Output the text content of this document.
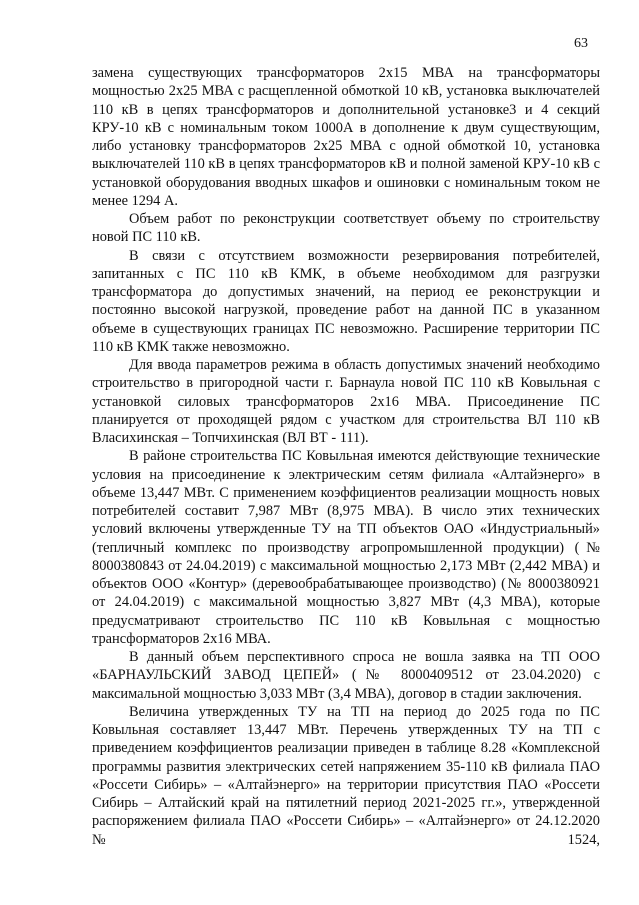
63

замена существующих трансформаторов 2х15 МВА на трансформаторы мощностью 2х25 МВА с расщепленной обмоткой 10 кВ, установка выключателей 110 кВ в цепях трансформаторов и дополнительной установке3 и 4 секций КРУ-10 кВ с номинальным током 1000А в дополнение к двум существующим, либо установку трансформаторов 2х25 МВА с одной обмоткой 10, установка выключателей 110 кВ в цепях трансформаторов кВ и полной заменой КРУ-10 кВ с установкой оборудования вводных шкафов и ошиновки с номинальным током не менее 1294 А.

Объем работ по реконструкции соответствует объему по строительству новой ПС 110 кВ.

В связи с отсутствием возможности резервирования потребителей, запитанных с ПС 110 кВ КМК, в объеме необходимом для разгрузки трансформатора до допустимых значений, на период ее реконструкции и постоянно высокой нагрузкой, проведение работ на данной ПС в указанном объеме в существующих границах ПС невозможно. Расширение территории ПС 110 кВ КМК также невозможно.

Для ввода параметров режима в область допустимых значений необходимо строительство в пригородной части г. Барнаула новой ПС 110 кВ Ковыльная с установкой силовых трансформаторов 2х16 МВА. Присоединение ПС планируется от проходящей рядом с участком для строительства ВЛ 110 кВ Власихинская – Топчихинская (ВЛ ВТ - 111).

В районе строительства ПС Ковыльная имеются действующие технические условия на присоединение к электрическим сетям филиала «Алтайэнерго» в объеме 13,447 МВт. С применением коэффициентов реализации мощность новых потребителей составит 7,987 МВт (8,975 МВА). В число этих технических условий включены утвержденные ТУ на ТП объектов ОАО «Индустриальный» (тепличный комплекс по производству агропромышленной продукции) (№ 8000380843 от 24.04.2019) с максимальной мощностью 2,173 МВт (2,442 МВА) и объектов ООО «Контур» (деревообрабатывающее производство) (№ 8000380921 от 24.04.2019) с максимальной мощностью 3,827 МВт (4,3 МВА), которые предусматривают строительство ПС 110 кВ Ковыльная с мощностью трансформаторов 2х16 МВА.

В данный объем перспективного спроса не вошла заявка на ТП ООО «БАРНАУЛЬСКИЙ ЗАВОД ЦЕПЕЙ» (№ 8000409512 от 23.04.2020) с максимальной мощностью 3,033 МВт (3,4 МВА), договор в стадии заключения.

Величина утвержденных ТУ на ТП на период до 2025 года по ПС Ковыльная составляет 13,447 МВт. Перечень утвержденных ТУ на ТП с приведением коэффициентов реализации приведен в таблице 8.28 «Комплексной программы развития электрических сетей напряжением 35-110 кВ филиала ПАО «Россети Сибирь» – «Алтайэнерго» на территории присутствия ПАО «Россети Сибирь – Алтайский край на пятилетний период 2021-2025 гг.», утвержденной распоряжением филиала ПАО «Россети Сибирь» – «Алтайэнерго» от 24.12.2020 № 1524,
